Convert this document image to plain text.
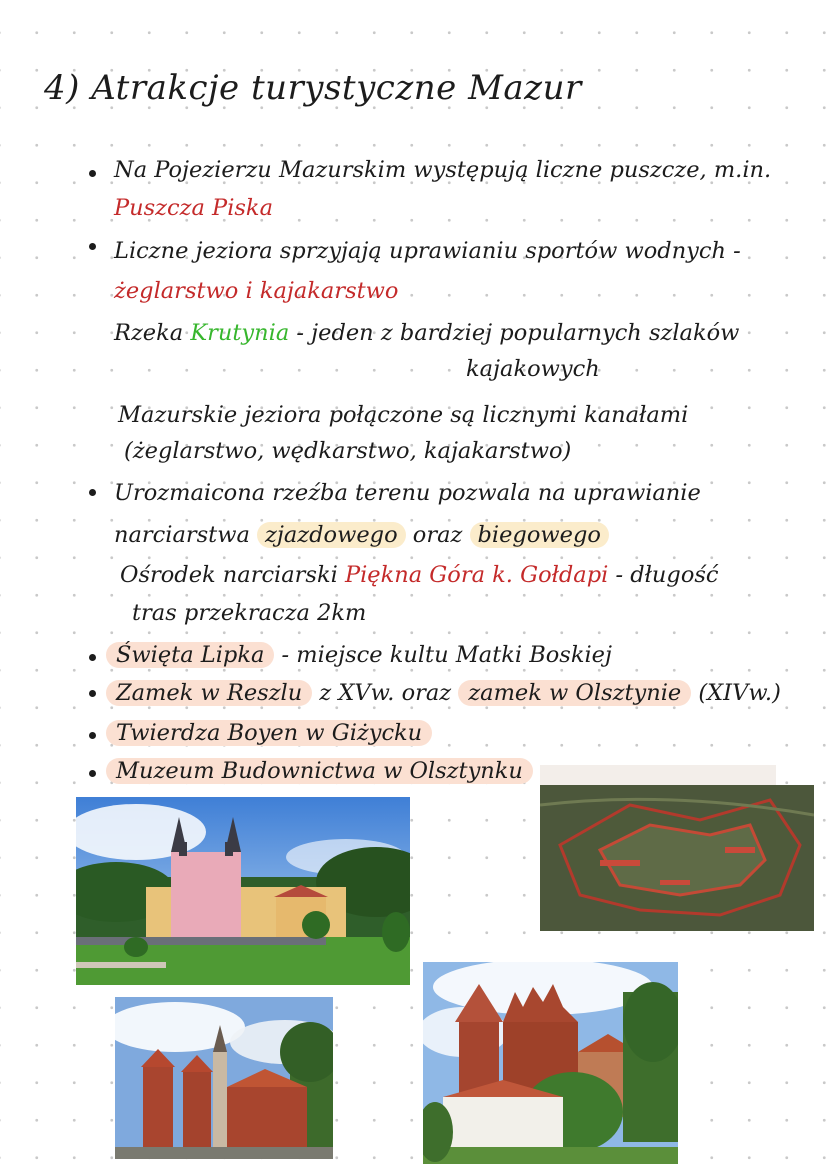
4) Atrakcje turystyczne Mazur
Na Pojezierzu Mazurskim występują liczne puszcze, m.in.
Puszcza Piska
Liczne jeziora sprzyjają uprawianiu sportów wodnych -
żeglarstwo i kajakarstwo
Rzeka Krutynia - jeden z bardziej popularnych szlaków
kajakowych
Mazurskie jeziora połączone są licznymi kanałami
(żeglarstwo, wędkarstwo, kajakarstwo)
Urozmaicona rzeźba terenu pozwala na uprawianie
narciarstwa zjazdowego oraz biegowego
Ośrodek narciarski Piękna Góra k. Gołdapi - długość
tras przekracza 2km
Święta Lipka - miejsce kultu Matki Boskiej
Zamek w Reszlu z XVw. oraz zamek w Olsztynie (XIVw.)
Twierdza Boyen w Giżycku
Muzeum Budownictwa w Olsztynku
